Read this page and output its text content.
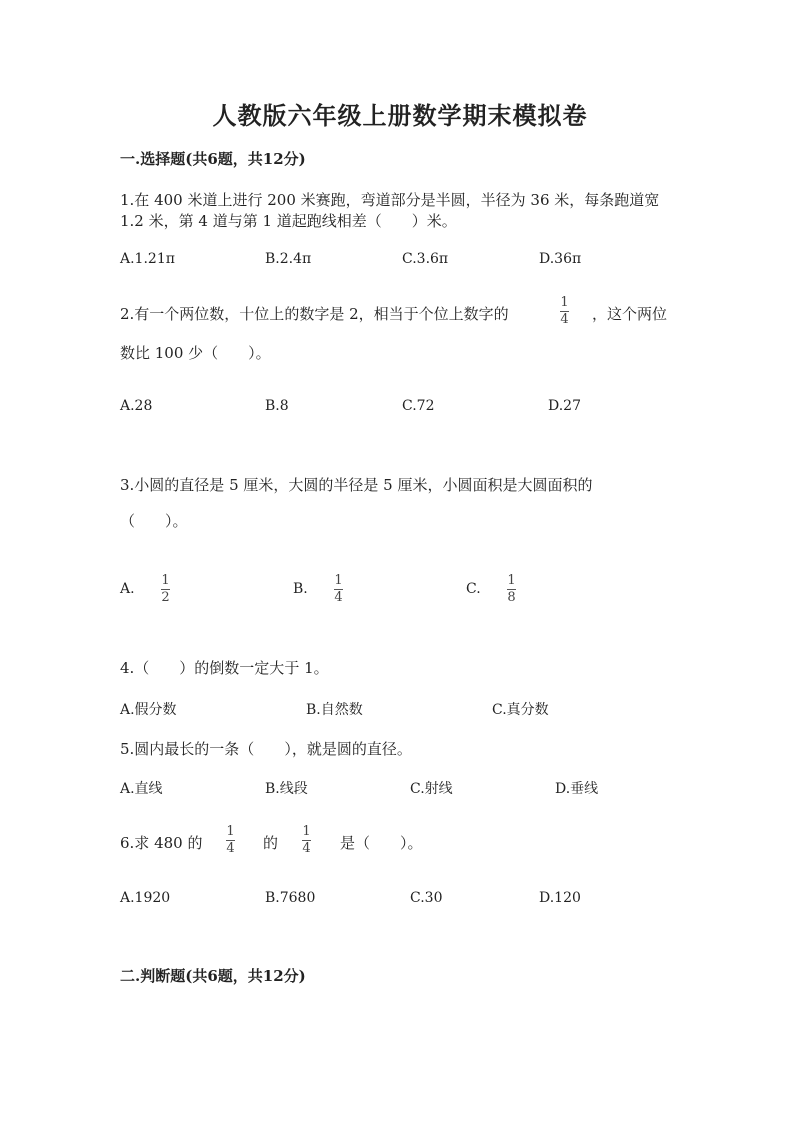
人教版六年级上册数学期末模拟卷
一.选择题(共6题，共12分)
1.在 400 米道上进行 200 米赛跑，弯道部分是半圆，半径为 36 米，每条跑道宽
1.2 米，第 4 道与第 1 道起跑线相差（　　）米。
A.1.21π	B.2.4π	C.3.6π	D.36π
2.有一个两位数，十位上的数字是 2，相当于个位上数字的
1
4 ，这个两位
数比 100 少（　　）。
A.28	B.8	C.72	D.27
3.小圆的直径是 5 厘米，大圆的半径是 5 厘米，小圆面积是大圆面积的
（　　）。
A.
1
2
B.
1
4
C.
1
8
4.（　　）的倒数一定大于 1。
A.假分数	B.自然数	C.真分数
5.圆内最长的一条（　　），就是圆的直径。
A.直线	B.线段	C.射线	D.垂线
6.求 480 的
1
4 的
1
4 是（　　）。
A.1920	B.7680	C.30	D.120
二.判断题(共6题，共12分)
